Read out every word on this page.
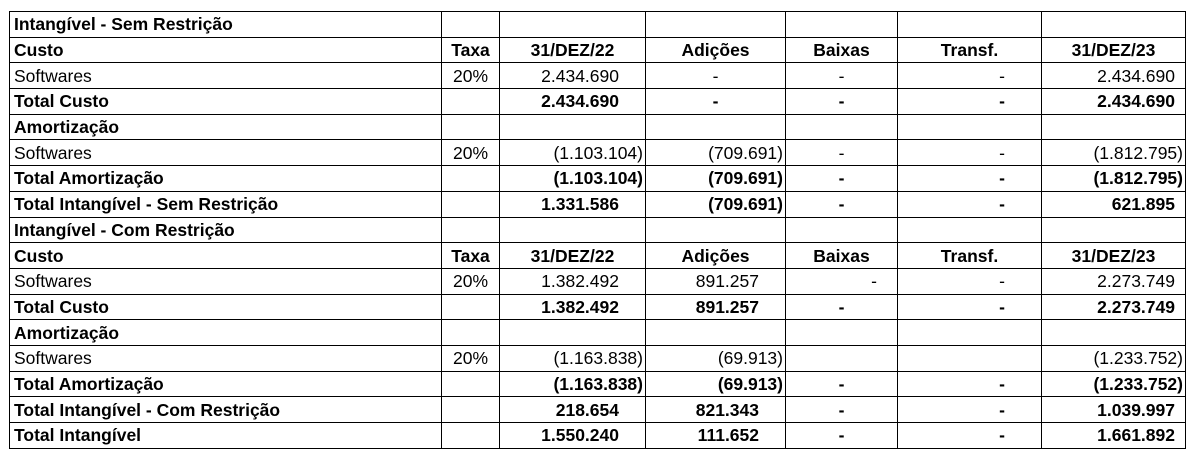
Intangível - Sem Restrição						
Custo	Taxa	31/DEZ/22	Adições	Baixas	Transf.	31/DEZ/23
Softwares	20%	2.434.690	-	-	-	2.434.690
Total Custo		2.434.690	-	-	-	2.434.690
Amortização						
Softwares	20%	(1.103.104)	(709.691)	-	-	(1.812.795)
Total Amortização		(1.103.104)	(709.691)	-	-	(1.812.795)
Total Intangível - Sem Restrição		1.331.586	(709.691)	-	-	621.895
Intangível - Com Restrição						
Custo	Taxa	31/DEZ/22	Adições	Baixas	Transf.	31/DEZ/23
Softwares	20%	1.382.492	891.257	-	-	2.273.749
Total Custo		1.382.492	891.257	-	-	2.273.749
Amortização						
Softwares	20%	(1.163.838)	(69.913)			(1.233.752)
Total Amortização		(1.163.838)	(69.913)	-	-	(1.233.752)
Total Intangível - Com Restrição		218.654	821.343	-	-	1.039.997
Total Intangível		1.550.240	111.652	-	-	1.661.892
